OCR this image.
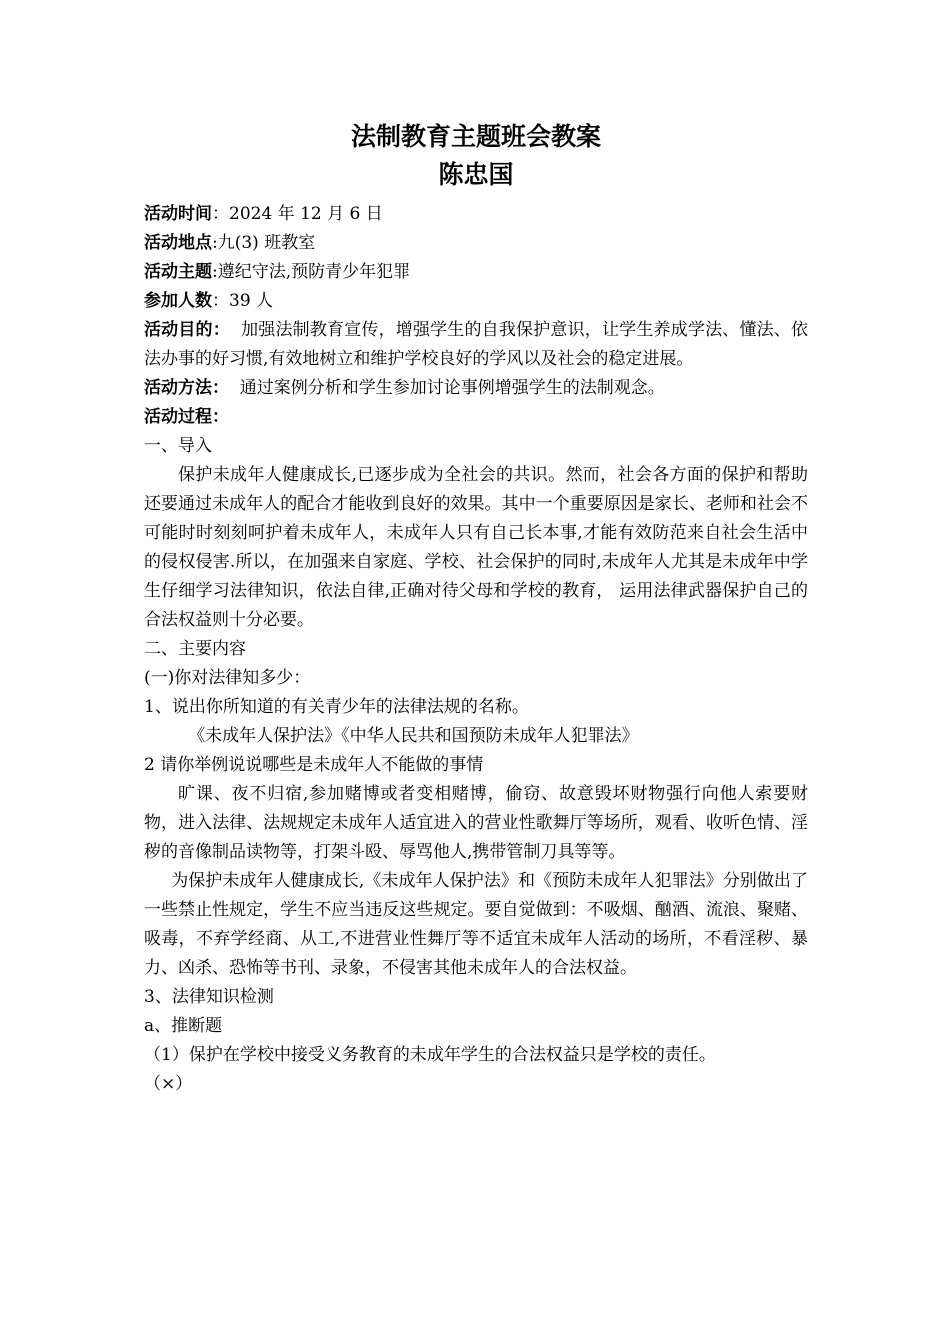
法制教育主题班会教案
陈忠国

活动时间：2024 年 12 月 6 日

活动地点:九(3) 班教室

活动主题:遵纪守法,预防青少年犯罪

参加人数：39 人

活动目的：  加强法制教育宣传，增强学生的自我保护意识，让学生养成学法、懂法、依法办事的好习惯,有效地树立和维护学校良好的学风以及社会的稳定进展。

活动方法：  通过案例分析和学生参加讨论事例增强学生的法制观念。

活动过程：

一、导入

保护未成年人健康成长,已逐步成为全社会的共识。然而，社会各方面的保护和帮助还要通过未成年人的配合才能收到良好的效果。其中一个重要原因是家长、老师和社会不可能时时刻刻呵护着未成年人，未成年人只有自己长本事,才能有效防范来自社会生活中的侵权侵害.所以，在加强来自家庭、学校、社会保护的同时,未成年人尤其是未成年中学生仔细学习法律知识，依法自律,正确对待父母和学校的教育， 运用法律武器保护自己的合法权益则十分必要。

二、主要内容

(一)你对法律知多少：

1、说出你所知道的有关青少年的法律法规的名称。

《未成年人保护法》《中华人民共和国预防未成年人犯罪法》

2 请你举例说说哪些是未成年人不能做的事情

旷课、夜不归宿,参加赌博或者变相赌博，偷窃、故意毁坏财物强行向他人索要财物，进入法律、法规规定未成年人适宜进入的营业性歌舞厅等场所，观看、收听色情、淫秽的音像制品读物等，打架斗殴、辱骂他人,携带管制刀具等等。

为保护未成年人健康成长,《未成年人保护法》和《预防未成年人犯罪法》分别做出了一些禁止性规定，学生不应当违反这些规定。要自觉做到：不吸烟、酗酒、流浪、聚赌、吸毒，不弃学经商、从工,不进营业性舞厅等不适宜未成年人活动的场所，不看淫秽、暴力、凶杀、恐怖等书刊、录象，不侵害其他未成年人的合法权益。

3、法律知识检测

a、推断题

（1）保护在学校中接受义务教育的未成年学生的合法权益只是学校的责任。

（×）
